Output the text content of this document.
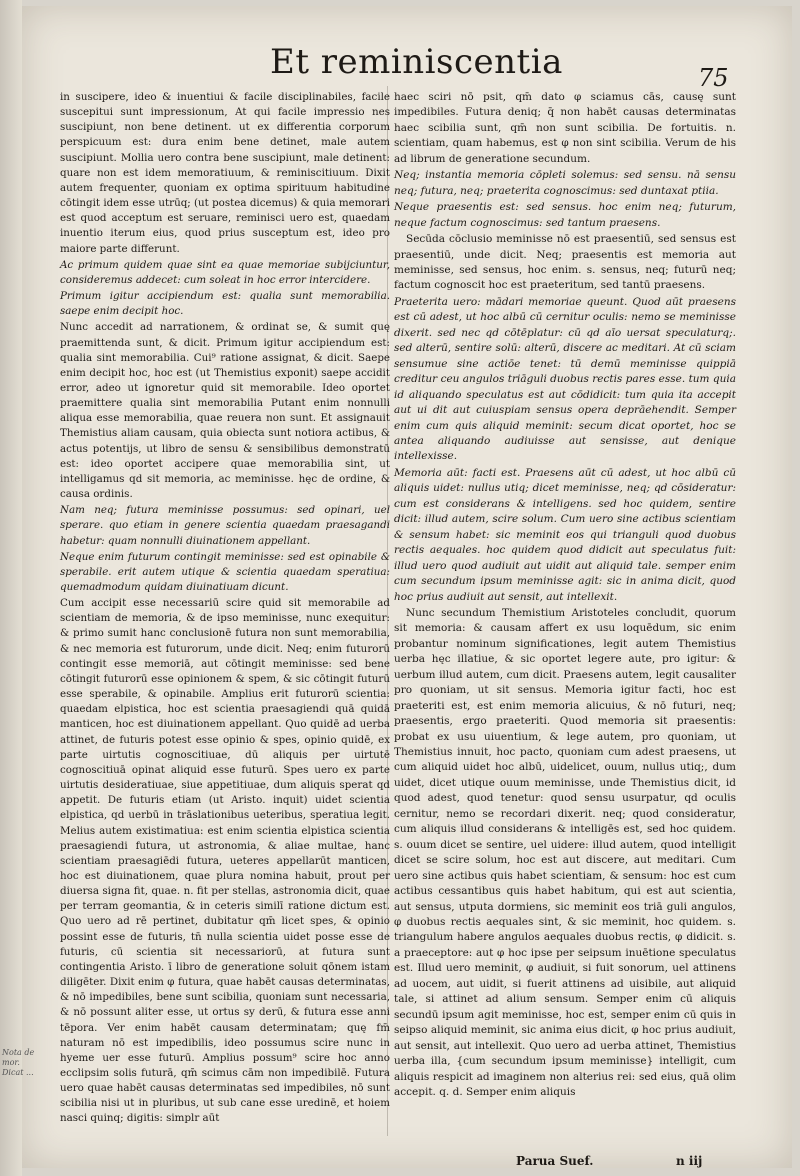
Et reminiscentia	75

in suscipere, ideo & inuentiui & facile disciplinabiles, facile suscepitui sunt impressionum, At qui facile impressio nes suscipiunt, non bene detinent. ut ex differentia corporum perspicuum est: dura enim bene detinet, male autem suscipiunt. Mollia uero contra bene suscipiunt, male detinent: quare non est idem memoratiuum, & reminiscitiuum. Dixit autem frequenter, quoniam ex optima spirituum habitudine cōtingit idem esse utrūq; (ut postea dicemus) & quia memorari est quod acceptum est seruare, reminisci uero est, quaedam inuentio iterum eius, quod prius susceptum est, ideo pro maiore parte differunt.

Ac primum quidem quae sint ea quae memoriae subijciuntur, consideremus addecet: cum soleat in hoc error intercidere.

Primum igitur accipiendum est: qualia sunt memorabilia. saepe enim decipit hoc.

Nunc accedit ad narrationem, & ordinat se, & sumit quę praemittenda sunt, & dicit. Primum igitur accipiendum est: qualia sint memorabilia. Cui⁹ ratione assignat, & dicit. Saepe enim decipit hoc, hoc est (ut Themistius exponit) saepe accidit error, adeo ut ignoretur quid sit memorabile. Ideo oportet praemittere qualia sint memorabilia Putant enim nonnulli aliqua esse memorabilia, quae reuera non sunt. Et assignauit Themistius aliam causam, quia obiecta sunt notiora actibus, & actus potentijs, ut libro de sensu & sensibilibus demonstratū est: ideo oportet accipere quae memorabilia sint, ut intelligamus qd sit memoria, ac meminisse. hęc de ordine, & causa ordinis.

Nam neq; futura meminisse possumus: sed opinari, uel sperare. quo etiam in genere scientia quaedam praesagandi habetur: quam nonnulli diuinationem appellant.

Neque enim futurum contingit meminisse: sed est opinabile & sperabile. erit autem utique & scientia quaedam speratiua: quemadmodum quidam diuinatiuam dicunt.

Cum accipit esse necessariū scire quid sit memorabile ad scientiam de memoria, & de ipso meminisse, nunc exequitur: & primo sumit hanc conclusionē futura non sunt memorabilia, & nec memoria est futurorum, unde dicit. Neq; enim futurorū contingit esse memoriā, aut cōtingit meminisse: sed bene cōtingit futurorū esse opinionem & spem, & sic cōtingit futurū esse sperabile, & opinabile. Amplius erit futurorū scientia: quaedam elpistica, hoc est scientia praesagiendi quā quidā manticen, hoc est diuinationem appellant. Quo quidē ad uerba attinet, de futuris potest esse opinio & spes, opinio quidē, ex parte uirtutis cognoscitiuae, dū aliquis per uirtutē cognoscitiuā opinat aliquid esse futurū. Spes uero ex parte uirtutis desideratiuae, siue appetitiuae, dum aliquis sperat qd appetit. De futuris etiam (ut Aristo. inquit) uidet scientia elpistica, qd uerbū in trāslationibus ueteribus, speratiua legit. Melius autem existimatiua: est enim scientia elpistica scientia praesagiendi futura, ut astronomia, & aliae multae, hanc scientiam praesagiēdi futura, ueteres appellarūt manticen, hoc est diuinationem, quae plura nomina habuit, prout per diuersa signa fit, quae. n. fit per stellas, astronomia dicit, quae per terram geomantia, & in ceteris similī ratione dictum est. Quo uero ad rē pertinet, dubitatur qm̄ licet spes, & opinio possint esse de futuris, tn̄ nulla scientia uidet posse esse de futuris, cū scientia sit necessariorū, at futura sunt contingentia Aristo. ī libro de generatione soluit qōnem istam diligēter. Dixit enim φ futura, quae habēt causas determinatas, & nō impedibiles, bene sunt scibilia, quoniam sunt necessaria, & nō possunt aliter esse, ut ortus sy derū, & futura esse anni tēpora. Ver enim habēt causam determinatam; quę fm̄ naturam nō est impedibilis, ideo possumus scire nunc in hyeme uer esse futurū. Amplius possum⁹ scire hoc anno ecclipsim solis futurā, qm̄ scimus cām non impedibilē. Futura uero quae habēt causas determinatas sed impedibiles, nō sunt scibilia nisi ut in pluribus, ut sub cane esse uredinē, et hoiem nasci quinq; digitis: simplr aūt

haec sciri nō psit, qm̄ dato φ sciamus cās, causę sunt impedibiles. Futura deniq; q̄ non habēt causas determinatas haec scibilia sunt, qm̄ non sunt scibilia. De fortuitis. n. scientiam, quam habemus, est φ non sint scibilia. Verum de his ad librum de generatione secundum.

Neq; instantia memoria cōpleti solemus: sed sensu. nā sensu neq; futura, neq; praeterita cognoscimus: sed duntaxat ptiia.

Neque praesentis est: sed sensus. hoc enim neq; futurum, neque factum cognoscimus: sed tantum praesens.

Secūda cōclusio meminisse nō est praesentiū, sed sensus est praesentiū, unde dicit. Neq; praesentis est memoria aut meminisse, sed sensus, hoc enim. s. sensus, neq; futurū neq; factum cognoscit hoc est praeteritum, sed tantū praesens.

Praeterita uero: mādari memoriae queunt. Quod aūt praesens est cū adest, ut hoc albū cū cernitur oculis: nemo se meminisse dixerit. sed nec qd cōtēplatur: cū qd aīo uersat speculaturq;. sed alterū, sentire solū: alterū, discere ac meditari. At cū sciam sensumue sine actiōe tenet: tū demū meminisse quippiā creditur ceu angulos triāguli duobus rectis pares esse. tum quia id aliquando speculatus est aut cōdidicit: tum quia ita accepit aut ui dit aut cuiuspiam sensus opera deprāehendit. Semper enim cum quis aliquid meminit: secum dicat oportet, hoc se antea aliquando audiuisse aut sensisse, aut denique intellexisse.

Memoria aūt: facti est. Praesens aūt cū adest, ut hoc albū cū aliquis uidet: nullus utiq; dicet meminisse, neq; qd cōsideratur: cum est considerans & intelligens. sed hoc quidem, sentire dicit: illud autem, scire solum. Cum uero sine actibus scientiam & sensum habet: sic meminit eos qui trianguli quod duobus rectis aequales. hoc quidem quod didicit aut speculatus fuit: illud uero quod audiuit aut uidit aut aliquid tale. semper enim cum secundum ipsum meminisse agit: sic in anima dicit, quod hoc prius audiuit aut sensit, aut intellexit.

Nunc secundum Themistium Aristoteles concludit, quorum sit memoria: & causam affert ex usu loquēdum, sic enim probantur nominum significationes, legit autem Themistius uerba hęc illatiue, & sic oportet legere aute, pro igitur: & uerbum illud autem, cum dicit. Praesens autem, legit causaliter pro quoniam, ut sit sensus. Memoria igitur facti, hoc est praeteriti est, est enim memoria alicuius, & nō futuri, neq; praesentis, ergo praeteriti. Quod memoria sit praesentis: probat ex usu uiuentium, & lege autem, pro quoniam, ut Themistius innuit, hoc pacto, quoniam cum adest praesens, ut cum aliquid uidet hoc albū, uidelicet, ouum, nullus utiq;, dum uidet, dicet utique ouum meminisse, unde Themistius dicit, id quod adest, quod tenetur: quod sensu usurpatur, qd oculis cernitur, nemo se recordari dixerit. neq; quod consideratur, cum aliquis illud considerans & intelligēs est, sed hoc quidem. s. ouum dicet se sentire, uel uidere: illud autem, quod intelligit dicet se scire solum, hoc est aut discere, aut meditari. Cum uero sine actibus quis habet scientiam, & sensum: hoc est cum actibus cessantibus quis habet habitum, qui est aut scientia, aut sensus, utputa dormiens, sic meminit eos triā guli angulos, φ duobus rectis aequales sint, & sic meminit, hoc quidem. s. triangulum habere angulos aequales duobus rectis, φ didicit. s. a praeceptore: aut φ hoc ipse per seipsum inuētione speculatus est. Illud uero meminit, φ audiuit, si fuit sonorum, uel attinens ad uocem, aut uidit, si fuerit attinens ad uisibile, aut aliquid tale, si attinet ad alium sensum. Semper enim cū aliquis secundū ipsum agit meminisse, hoc est, semper enim cū quis in seipso aliquid meminit, sic anima eius dicit, φ hoc prius audiuit, aut sensit, aut intellexit. Quo uero ad uerba attinet, Themistius uerba illa, {cum secundum ipsum meminisse} intelligit, cum aliquis respicit ad imaginem non alterius rei: sed eius, quā olim accepit. q. d. Semper enim aliquis

Parua Suef.	n iij
Nota de mor. Dicat ...
